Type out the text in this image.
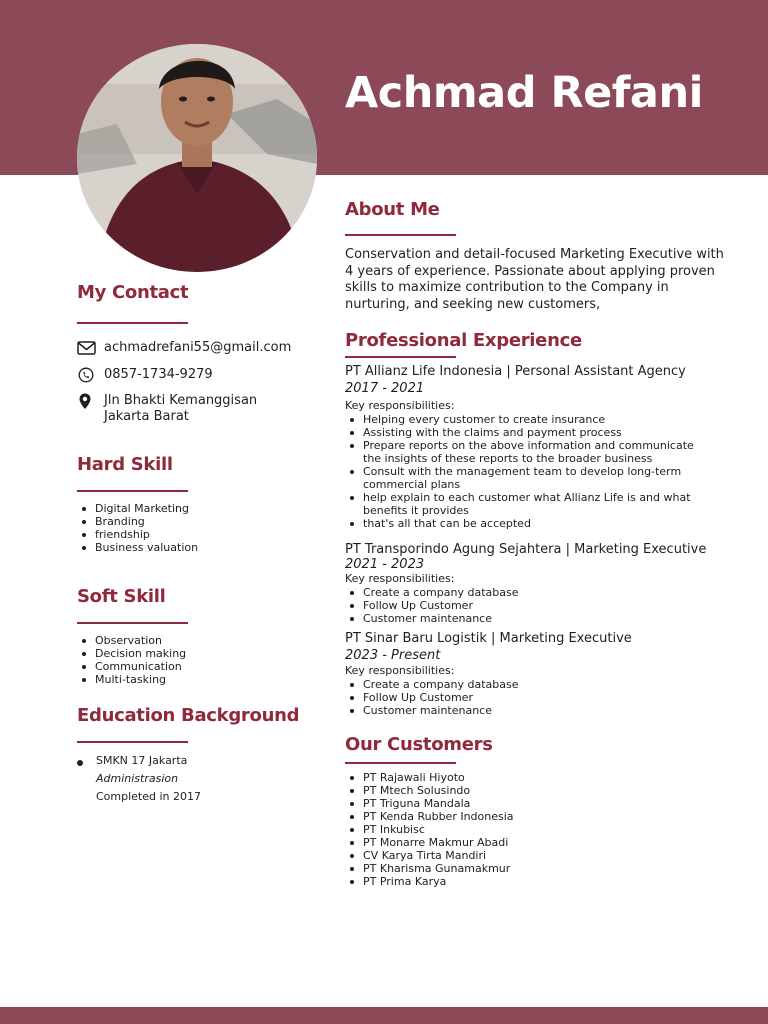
Achmad Refani
My Contact
achmadrefani55@gmail.com
0857-1734-9279
Jln Bhakti Kemanggisan
Jakarta Barat
Hard Skill
Digital Marketing
Branding
friendship
Business valuation
Soft Skill
Observation
Decision making
Communication
Multi-tasking
Education Background
SMKN 17 Jakarta
Administrasion
Completed in 2017
About Me
Conservation and detail-focused Marketing Executive with 4 years of experience. Passionate about applying proven skills to maximize contribution to the Company in nurturing, and seeking new customers,
Professional Experience
PT Allianz Life Indonesia | Personal Assistant Agency
2017 - 2021
Key responsibilities:
Helping every customer to create insurance
Assisting with the claims and payment process
Prepare reports on the above information and communicate the insights of these reports to the broader business
Consult with the management team to develop long-term commercial plans
help explain to each customer what Allianz Life is and what benefits it provides
that's all that can be accepted
PT Transporindo Agung Sejahtera | Marketing Executive
2021 - 2023
Key responsibilities:
Create a company database
Follow Up Customer
Customer maintenance
PT Sinar Baru Logistik | Marketing Executive
2023 - Present
Key responsibilities:
Create a company database
Follow Up Customer
Customer maintenance
Our Customers
PT Rajawali Hiyoto
PT Mtech Solusindo
PT Triguna Mandala
PT Kenda Rubber Indonesia
PT Inkubisc
PT Monarre Makmur Abadi
CV Karya Tirta Mandiri
PT Kharisma Gunamakmur
PT Prima Karya
